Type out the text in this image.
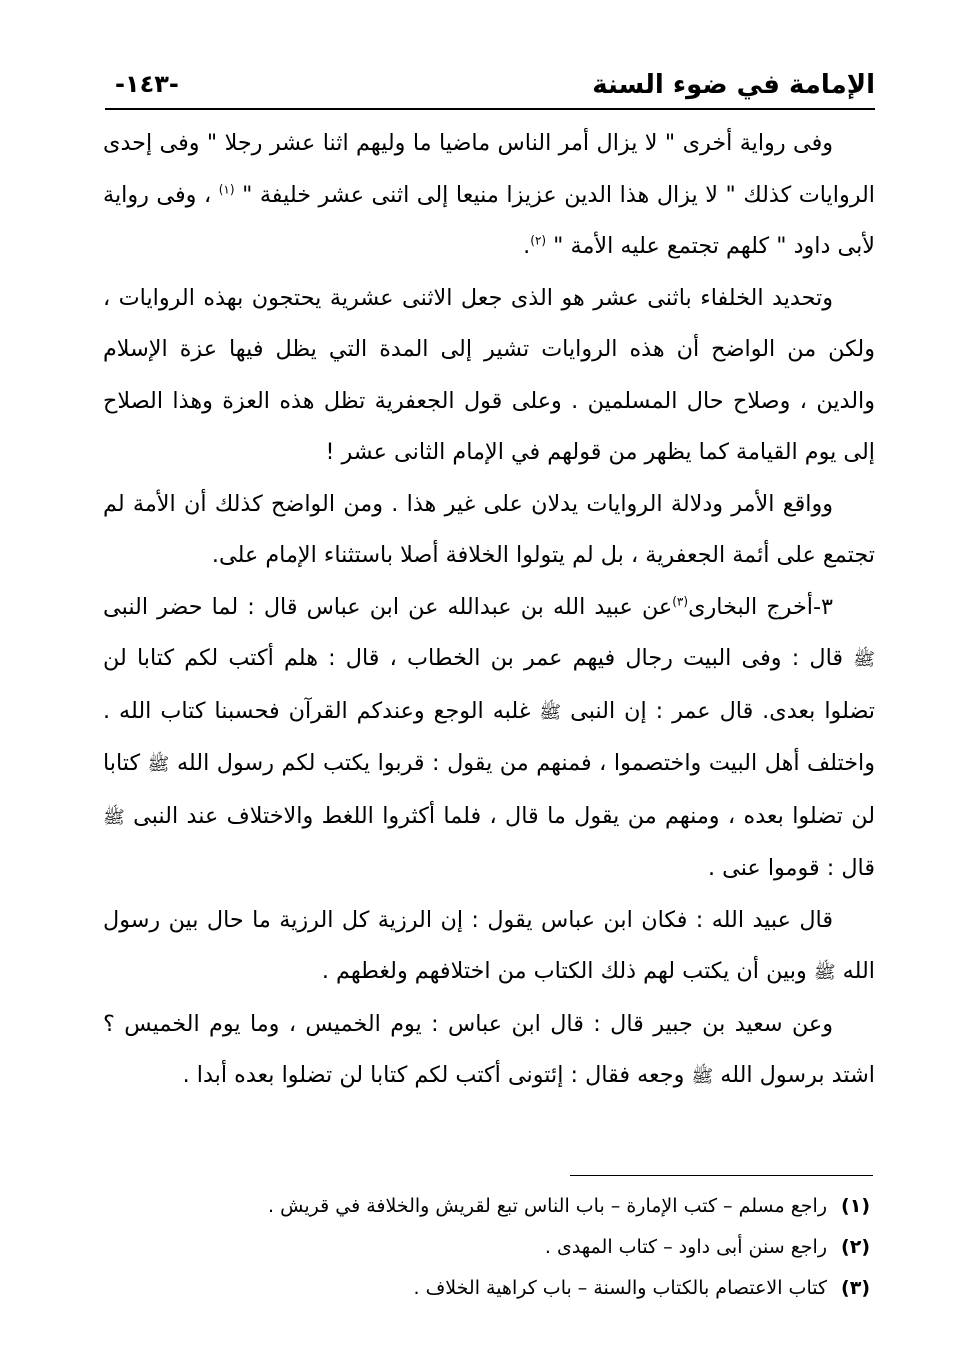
الإمامة في ضوء السنة
-١٤٣-

وفى رواية أخرى " لا يزال أمر الناس ماضيا ما وليهم اثنا عشر رجلا " وفى إحدى الروايات كذلك " لا يزال هذا الدين عزيزا منيعا إلى اثنى عشر خليفة " $^{(١)}$ ، وفى رواية لأبى داود " كلهم تجتمع عليه الأمة " $^{(٢)}$.

وتحديد الخلفاء باثنى عشر هو الذى جعل الاثنى عشرية يحتجون بهذه الروايات ، ولكن من الواضح أن هذه الروايات تشير إلى المدة التي يظل فيها عزة الإسلام والدين ، وصلاح حال المسلمين . وعلى قول الجعفرية تظل هذه العزة وهذا الصلاح إلى يوم القيامة كما يظهر من قولهم في الإمام الثانى عشر !

وواقع الأمر ودلالة الروايات يدلان على غير هذا . ومن الواضح كذلك أن الأمة لم تجتمع على أئمة الجعفرية ، بل لم يتولوا الخلافة أصلا باستثناء الإمام على.

٣-أخرج البخارى$^{(٣)}$عن عبيد الله بن عبدالله عن ابن عباس قال : لما حضر النبى ﷺ قال : وفى البيت رجال فيهم عمر بن الخطاب ، قال : هلم أكتب لكم كتابا لن تضلوا بعدى. قال عمر : إن النبى ﷺ غلبه الوجع وعندكم القرآن فحسبنا كتاب الله . واختلف أهل البيت واختصموا ، فمنهم من يقول : قربوا يكتب لكم رسول الله ﷺ كتابا لن تضلوا بعده ، ومنهم من يقول ما قال ، فلما أكثروا اللغط والاختلاف عند النبى ﷺ قال : قوموا عنى .

قال عبيد الله : فكان ابن عباس يقول : إن الرزية كل الرزية ما حال بين رسول الله ﷺ وبين أن يكتب لهم ذلك الكتاب من اختلافهم ولغطهم .

وعن سعيد بن جبير قال : قال ابن عباس : يوم الخميس ، وما يوم الخميس ؟ اشتد برسول الله ﷺ وجعه فقال : إئتونى أكتب لكم كتابا لن تضلوا بعده أبدا .

(١)راجع مسلم – كتب الإمارة – باب الناس تبع لقريش والخلافة في قريش .
(٢)راجع سنن أبى داود – كتاب المهدى .
(٣)كتاب الاعتصام بالكتاب والسنة – باب كراهية الخلاف .
